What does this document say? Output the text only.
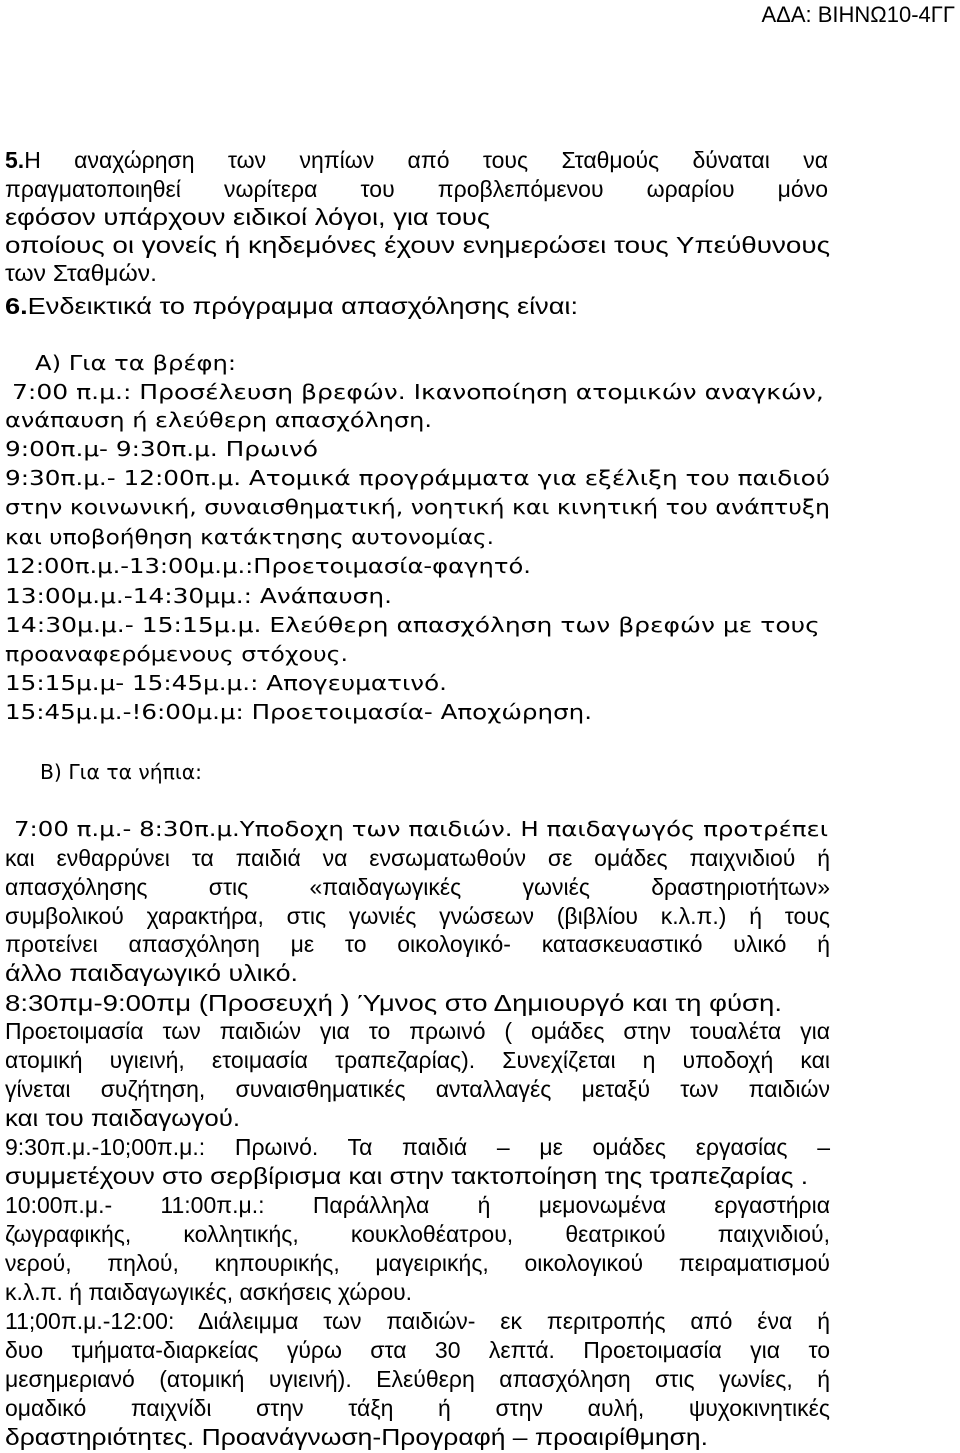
ΑΔΑ: ΒΙΗΝΩ10-4ΓΓ
5.Η αναχώρηση των νηπίων από τους Σταθμούς δύναται να
πραγματοποιηθεί νωρίτερα του προβλεπόμενου ωραρίου μόνο
εφόσον υπάρχουν ειδικοί λόγοι, για τους
οποίους οι γονείς ή κηδεμόνες έχουν ενημερώσει τους Υπεύθυνους
των Σταθμών.
6.Ενδεικτικά το πρόγραμμα απασχόλησης είναι:
Α) Για τα βρέφη:
7:00 π.μ.: Προσέλευση βρεφών. Ικανοποίηση ατομικών αναγκών,
ανάπαυση ή ελεύθερη απασχόληση.
9:00π.μ- 9:30π.μ. Πρωινό
9:30π.μ.- 12:00π.μ. Ατομικά προγράμματα για εξέλιξη του παιδιού
στην κοινωνική, συναισθηματική, νοητική και κινητική του ανάπτυξη
και υποβοήθηση κατάκτησης αυτονομίας.
12:00π.μ.-13:00μ.μ.:Προετοιμασία-φαγητό.
13:00μ.μ.-14:30μμ.: Ανάπαυση.
14:30μ.μ.- 15:15μ.μ. Ελεύθερη απασχόληση των βρεφών με τους
προαναφερόμενους στόχους.
15:15μ.μ- 15:45μ.μ.: Απογευματινό.
15:45μ.μ.-!6:00μ.μ: Προετοιμασία- Αποχώρηση.
Β) Για τα νήπια:
7:00 π.μ.- 8:30π.μ.Υποδοχη των παιδιών. Η παιδαγωγός προτρέπει
και ενθαρρύνει τα παιδιά να ενσωματωθούν σε ομάδες παιχνιδιού ή
απασχόλησης στις «παιδαγωγικές γωνιές δραστηριοτήτων»
συμβολικού χαρακτήρα, στις γωνιές γνώσεων (βιβλίου κ.λ.π.) ή τους
προτείνει απασχόληση με το οικολογικό- κατασκευαστικό υλικό ή
άλλο παιδαγωγικό υλικό.
8:30πμ-9:00πμ (Προσευχή ) Ύμνος στο Δημιουργό και τη φύση.
Προετοιμασία των παιδιών για το πρωινό ( ομάδες στην τουαλέτα για
ατομική υγιεινή, ετοιμασία τραπεζαρίας). Συνεχίζεται η υποδοχή και
γίνεται συζήτηση, συναισθηματικές ανταλλαγές μεταξύ των παιδιών
και του παιδαγωγού.
9:30π.μ.-10;00π.μ.: Πρωινό. Τα παιδιά – με ομάδες εργασίας –
συμμετέχουν στο σερβίρισμα και στην τακτοποίηση της τραπεζαρίας .
10:00π.μ.- 11:00π.μ.: Παράλληλα ή μεμονωμένα εργαστήρια
ζωγραφικής, κολλητικής, κουκλοθέατρου, θεατρικού παιχνιδιού,
νερού, πηλού, κηπουρικής, μαγειρικής, οικολογικού πειραματισμού
κ.λ.π. ή παιδαγωγικές, ασκήσεις χώρου.
11;00π.μ.-12:00: Διάλειμμα των παιδιών- εκ περιτροπής από ένα ή
δυο τμήματα-διαρκείας γύρω στα 30 λεπτά. Προετοιμασία για το
μεσημεριανό (ατομική υγιεινή). Ελεύθερη απασχόληση στις γωνίες, ή
ομαδικό παιχνίδι στην τάξη ή στην αυλή, ψυχοκινητικές
δραστηριότητες. Προανάγνωση-Προγραφή – προαιρίθμηση.
